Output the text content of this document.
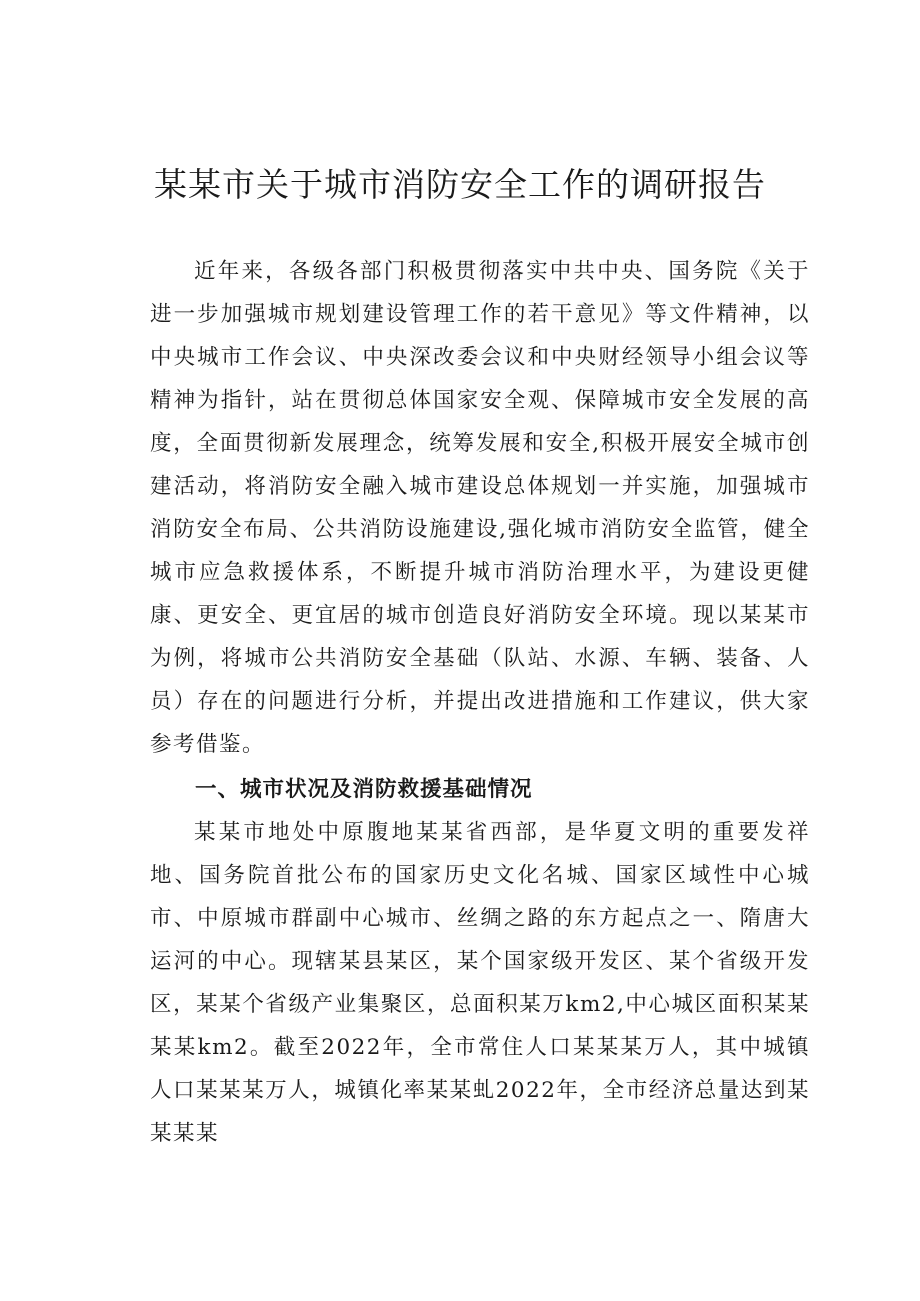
某某市关于城市消防安全工作的调研报告

近年来，各级各部门积极贯彻落实中共中央、国务院《关于进一步加强城市规划建设管理工作的若干意见》等文件精神，以中央城市工作会议、中央深改委会议和中央财经领导小组会议等精神为指针，站在贯彻总体国家安全观、保障城市安全发展的高度，全面贯彻新发展理念，统筹发展和安全,积极开展安全城市创建活动，将消防安全融入城市建设总体规划一并实施，加强城市消防安全布局、公共消防设施建设,强化城市消防安全监管，健全城市应急救援体系，不断提升城市消防治理水平，为建设更健康、更安全、更宜居的城市创造良好消防安全环境。现以某某市为例，将城市公共消防安全基础（队站、水源、车辆、装备、人员）存在的问题进行分析，并提出改进措施和工作建议，供大家参考借鉴。

一、城市状况及消防救援基础情况

某某市地处中原腹地某某省西部，是华夏文明的重要发祥地、国务院首批公布的国家历史文化名城、国家区域性中心城市、中原城市群副中心城市、丝绸之路的东方起点之一、隋唐大运河的中心。现辖某县某区，某个国家级开发区、某个省级开发区，某某个省级产业集聚区，总面积某万km2,中心城区面积某某某某km2。截至2022年，全市常住人口某某某万人，其中城镇人口某某某万人，城镇化率某某虬2022年，全市经济总量达到某某某某
